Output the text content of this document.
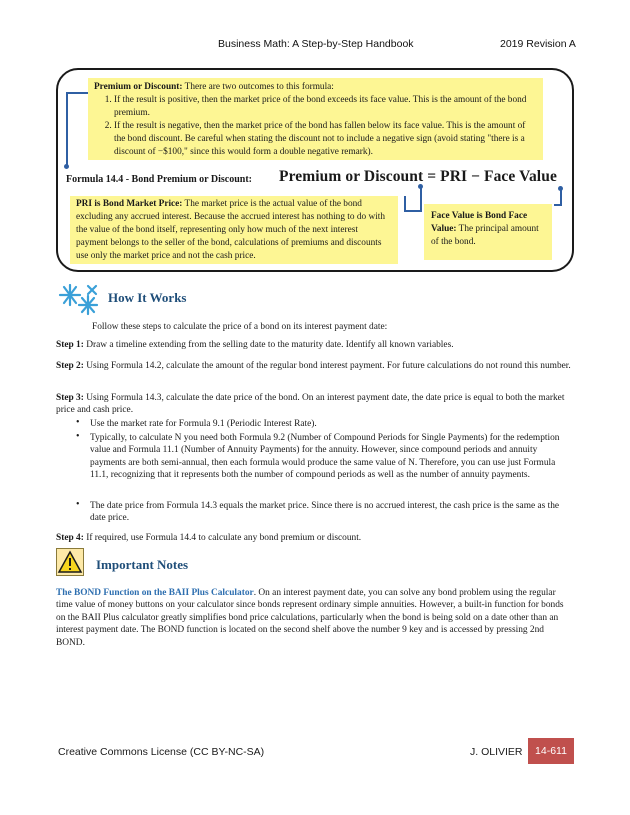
Business Math: A Step-by-Step Handbook	2019 Revision A
Premium or Discount: There are two outcomes to this formula:
1. If the result is positive, then the market price of the bond exceeds its face value. This is the amount of the bond premium.
2. If the result is negative, then the market price of the bond has fallen below its face value. This is the amount of the bond discount. Be careful when stating the discount not to include a negative sign (avoid stating "there is a discount of −$100," since this would form a double negative remark).
Formula 14.4 - Bond Premium or Discount: Premium or Discount = PRI − Face Value
PRI is Bond Market Price: The market price is the actual value of the bond excluding any accrued interest. Because the accrued interest has nothing to do with the value of the bond itself, representing only how much of the next interest payment belongs to the seller of the bond, calculations of premiums and discounts use only the market price and not the cash price.
Face Value is Bond Face Value: The principal amount of the bond.
How It Works
Follow these steps to calculate the price of a bond on its interest payment date:
Step 1: Draw a timeline extending from the selling date to the maturity date. Identify all known variables.
Step 2: Using Formula 14.2, calculate the amount of the regular bond interest payment. For future calculations do not round this number.
Step 3: Using Formula 14.3, calculate the date price of the bond. On an interest payment date, the date price is equal to both the market price and cash price.
• Use the market rate for Formula 9.1 (Periodic Interest Rate).
• Typically, to calculate N you need both Formula 9.2 (Number of Compound Periods for Single Payments) for the redemption value and Formula 11.1 (Number of Annuity Payments) for the annuity. However, since compound periods and annuity payments are both semi-annual, then each formula would produce the same value of N. Therefore, you can use just Formula 11.1, recognizing that it represents both the number of compound periods as well as the number of annuity payments.
• The date price from Formula 14.3 equals the market price. Since there is no accrued interest, the cash price is the same as the date price.
Step 4: If required, use Formula 14.4 to calculate any bond premium or discount.
Important Notes
The BOND Function on the BAII Plus Calculator. On an interest payment date, you can solve any bond problem using the regular time value of money buttons on your calculator since bonds represent ordinary simple annuities. However, a built-in function for bonds on the BAII Plus calculator greatly simplifies bond price calculations, particularly when the bond is being sold on a date other than an interest payment date. The BOND function is located on the second shelf above the number 9 key and is accessed by pressing 2nd BOND.
Creative Commons License (CC BY-NC-SA)	J. OLIVIER	14-611
